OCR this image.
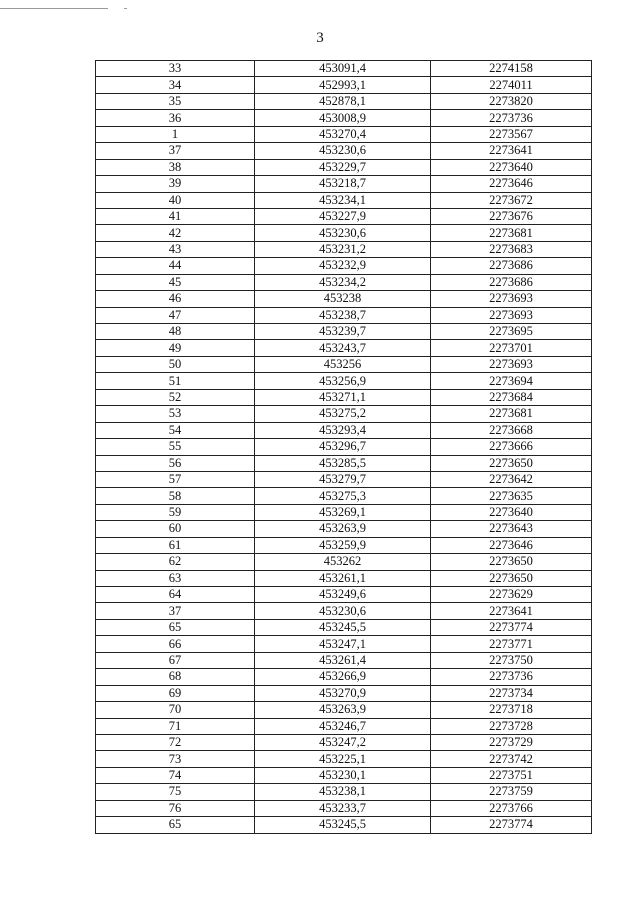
3
33	453091,4	2274158
34	452993,1	2274011
35	452878,1	2273820
36	453008,9	2273736
1	453270,4	2273567
37	453230,6	2273641
38	453229,7	2273640
39	453218,7	2273646
40	453234,1	2273672
41	453227,9	2273676
42	453230,6	2273681
43	453231,2	2273683
44	453232,9	2273686
45	453234,2	2273686
46	453238	2273693
47	453238,7	2273693
48	453239,7	2273695
49	453243,7	2273701
50	453256	2273693
51	453256,9	2273694
52	453271,1	2273684
53	453275,2	2273681
54	453293,4	2273668
55	453296,7	2273666
56	453285,5	2273650
57	453279,7	2273642
58	453275,3	2273635
59	453269,1	2273640
60	453263,9	2273643
61	453259,9	2273646
62	453262	2273650
63	453261,1	2273650
64	453249,6	2273629
37	453230,6	2273641
65	453245,5	2273774
66	453247,1	2273771
67	453261,4	2273750
68	453266,9	2273736
69	453270,9	2273734
70	453263,9	2273718
71	453246,7	2273728
72	453247,2	2273729
73	453225,1	2273742
74	453230,1	2273751
75	453238,1	2273759
76	453233,7	2273766
65	453245,5	2273774
